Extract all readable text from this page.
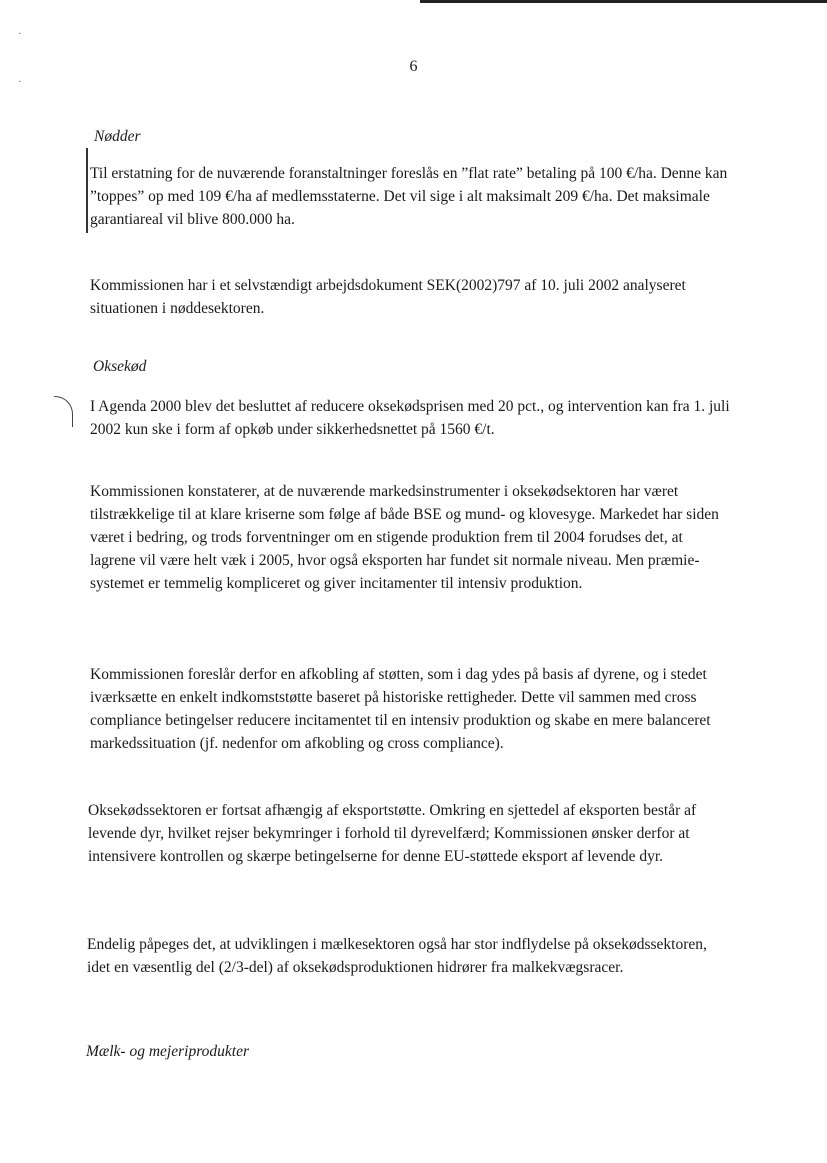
·
·
6
Nødder

Til erstatning for de nuværende foranstaltninger foreslås en ”flat rate” betaling på 100 €/ha. Denne kan ”toppes” op med 109 €/ha af medlemsstaterne. Det vil sige i alt maksimalt 209 €/ha. Det maksimale garantiareal vil blive 800.000 ha.

Kommissionen har i et selvstændigt arbejdsdokument SEK(2002)797 af 10. juli 2002 analyseret situationen i nøddesektoren.

Oksekød

I Agenda 2000 blev det besluttet af reducere oksekødsprisen med 20 pct., og intervention kan fra 1. juli 2002 kun ske i form af opkøb under sikkerhedsnettet på 1560 €/t.

Kommissionen konstaterer, at de nuværende markedsinstrumenter i oksekødsektoren har været tilstrækkelige til at klare kriserne som følge af både BSE og mund- og klovesyge. Markedet har siden været i bedring, og trods forventninger om en stigende produktion frem til 2004 forudses det, at lagrene vil være helt væk i 2005, hvor også eksporten har fundet sit normale niveau. Men præmie-systemet er temmelig kompliceret og giver incitamenter til intensiv produktion.

Kommissionen foreslår derfor en afkobling af støtten, som i dag ydes på basis af dyrene, og i stedet iværksætte en enkelt indkomststøtte baseret på historiske rettigheder. Dette vil sammen med cross compliance betingelser reducere incitamentet til en intensiv produktion og skabe en mere balanceret markedssituation (jf. nedenfor om afkobling og cross compliance).

Oksekødssektoren er fortsat afhængig af eksportstøtte. Omkring en sjettedel af eksporten består af levende dyr, hvilket rejser bekymringer i forhold til dyrevelfærd; Kommissionen ønsker derfor at intensivere kontrollen og skærpe betingelserne for denne EU-støttede eksport af levende dyr.

Endelig påpeges det, at udviklingen i mælkesektoren også har stor indflydelse på oksekødssektoren, idet en væsentlig del (2/3-del) af oksekødsproduktionen hidrører fra malkekvægsracer.

Mælk- og mejeriprodukter
